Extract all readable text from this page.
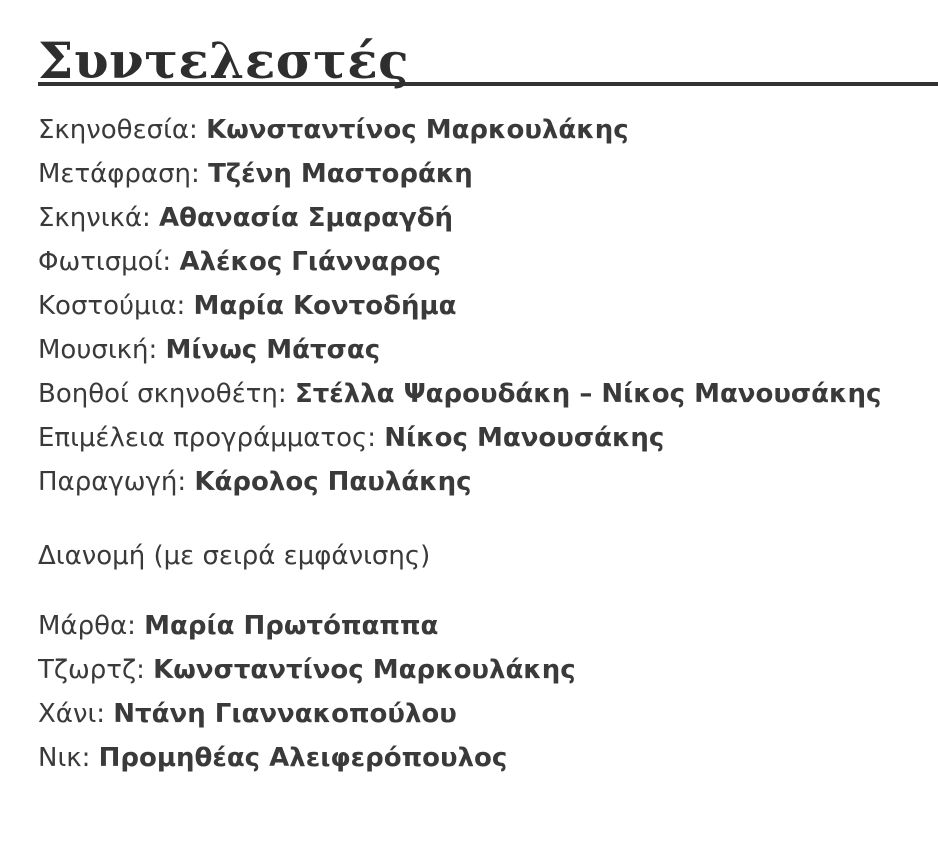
Συντελεστές
Σκηνοθεσία: Κωνσταντίνος Μαρκουλάκης
Μετάφραση: Τζένη Μαστοράκη
Σκηνικά: Αθανασία Σμαραγδή
Φωτισμοί: Αλέκος Γιάνναρος
Κοστούμια: Μαρία Κοντοδήμα
Μουσική: Μίνως Μάτσας
Βοηθοί σκηνοθέτη: Στέλλα Ψαρουδάκη – Νίκος Μανουσάκης
Επιμέλεια προγράμματος: Νίκος Μανουσάκης
Παραγωγή: Κάρολος Παυλάκης

Διανομή (με σειρά εμφάνισης)

Μάρθα: Μαρία Πρωτόπαππα
Τζωρτζ: Κωνσταντίνος Μαρκουλάκης
Χάνι: Ντάνη Γιαννακοπούλου
Νικ: Προμηθέας Αλειφερόπουλος
